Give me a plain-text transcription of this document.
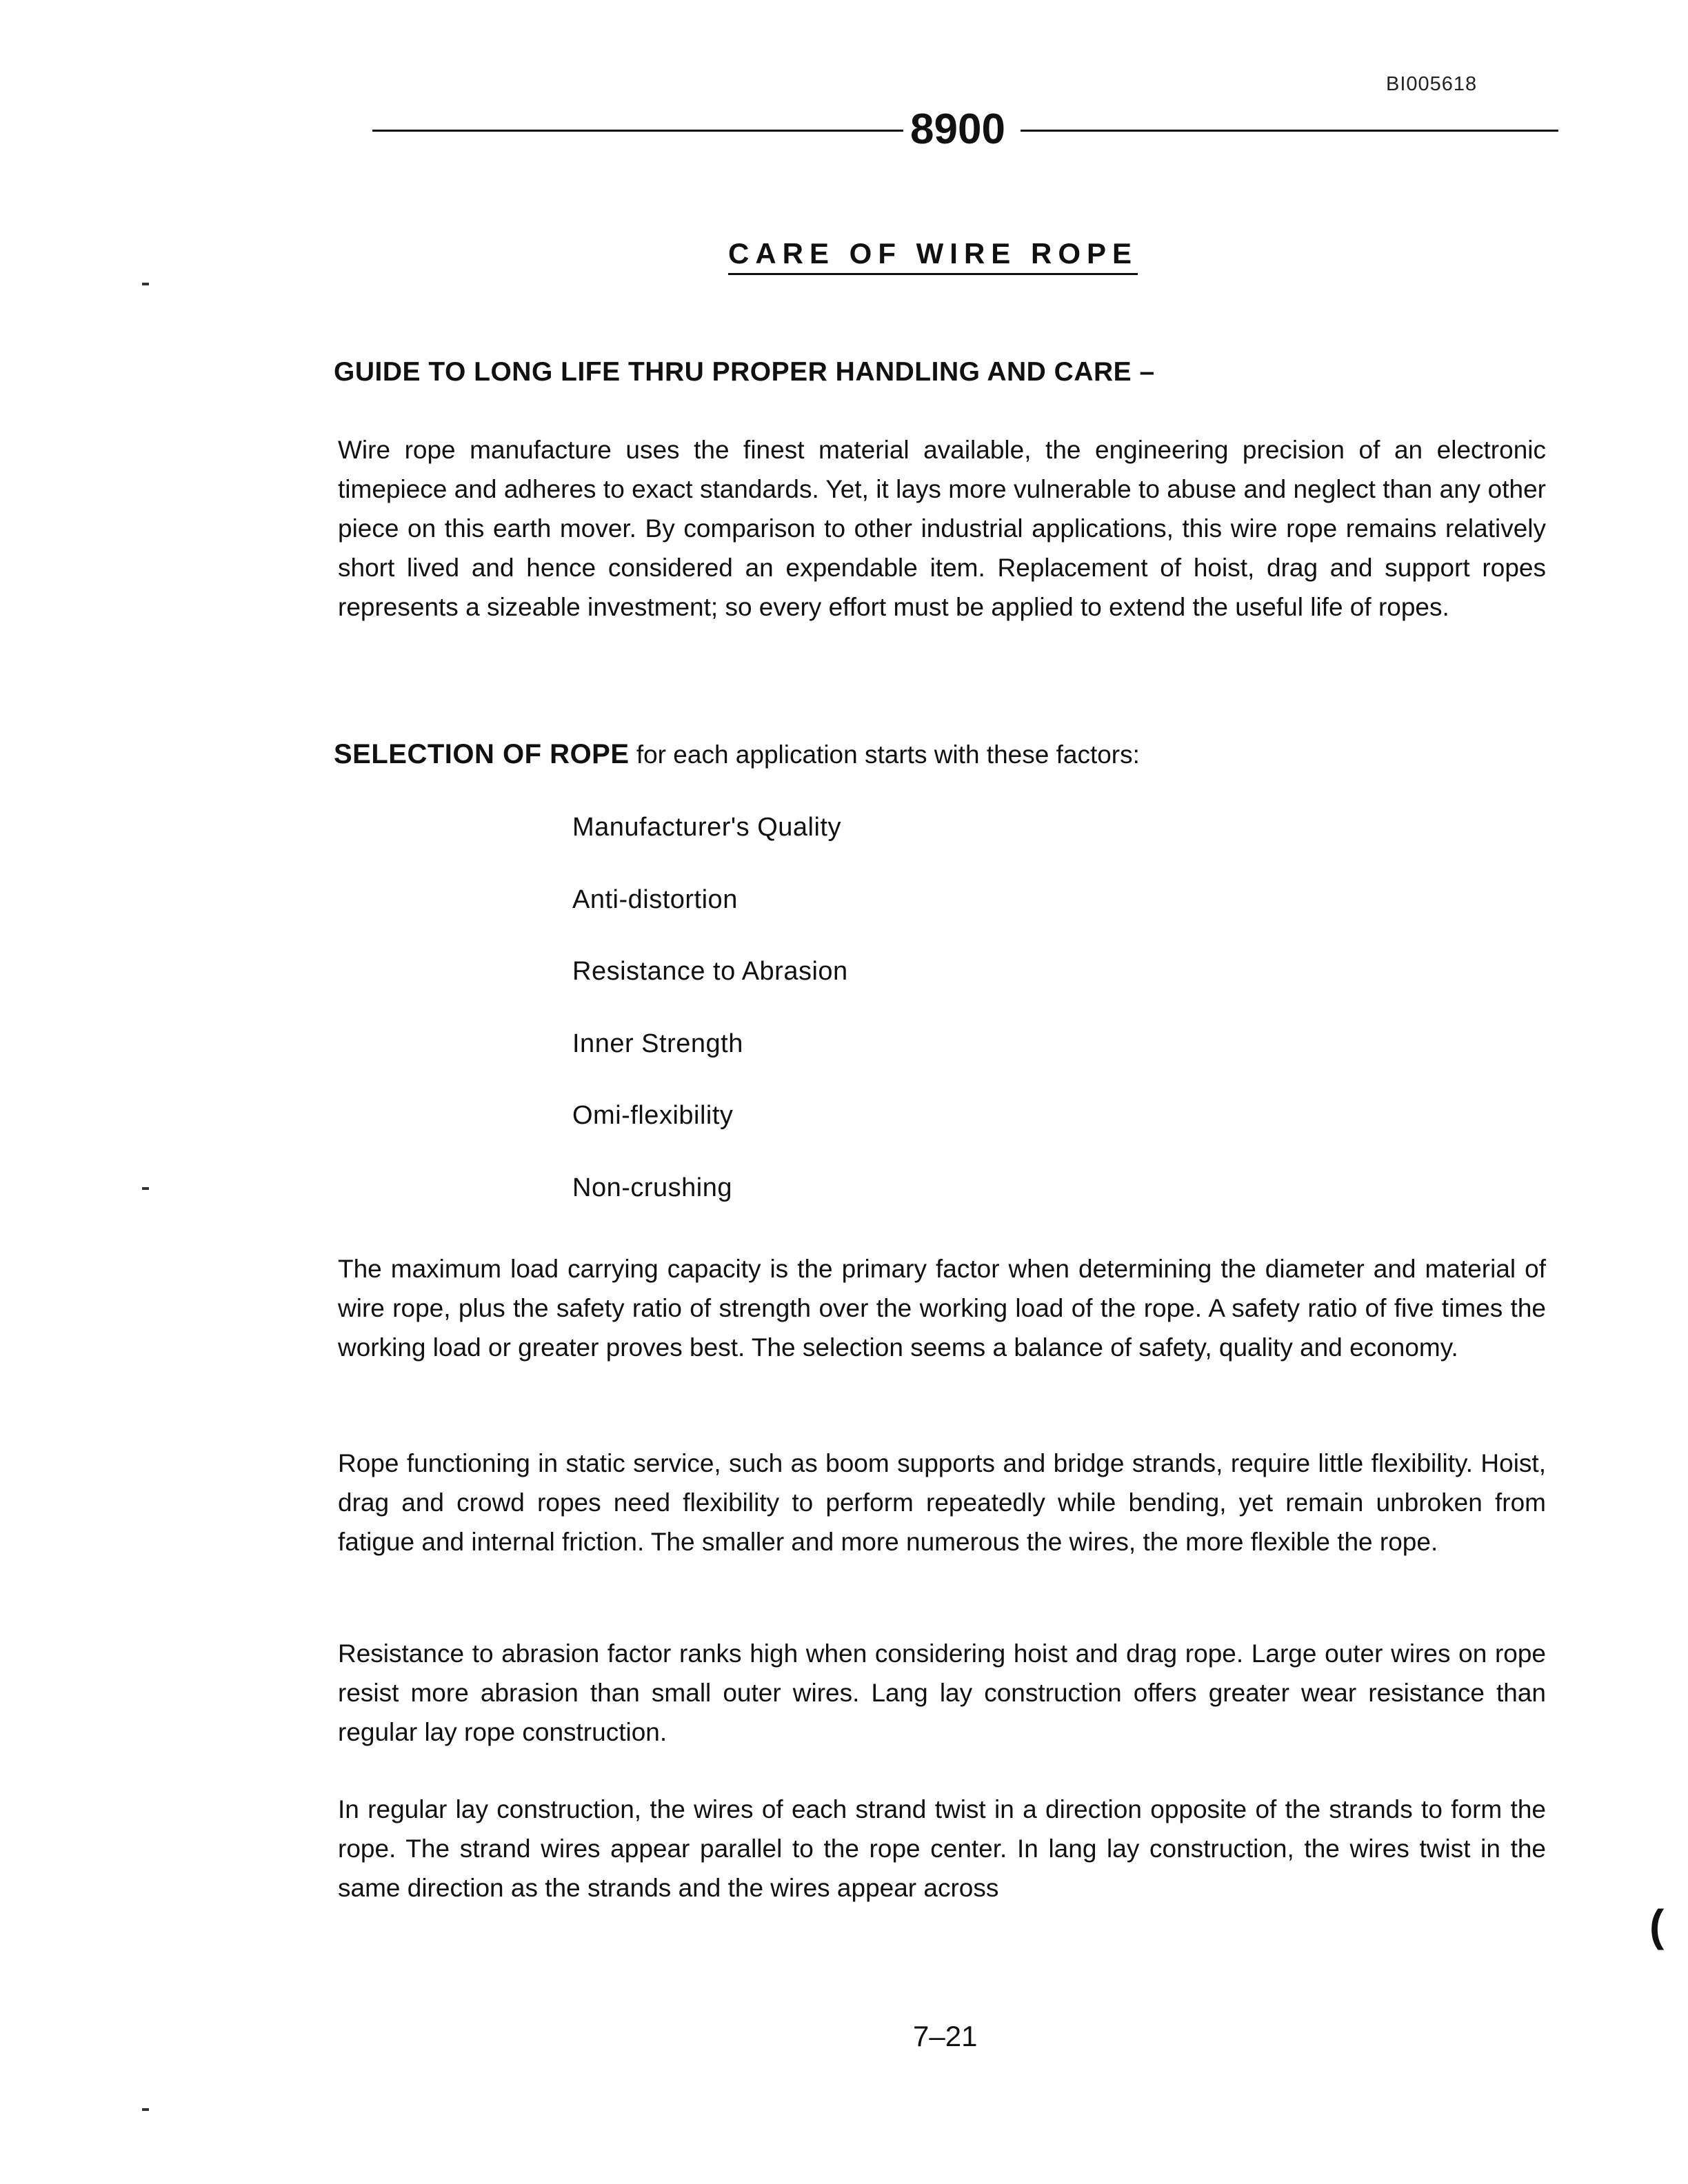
BI005618
8900
CARE OF WIRE ROPE
GUIDE TO LONG LIFE THRU PROPER HANDLING AND CARE –

Wire rope manufacture uses the finest material available, the engineering precision of an electronic timepiece and adheres to exact standards. Yet, it lays more vulnerable to abuse and neglect than any other piece on this earth mover. By comparison to other industrial applications, this wire rope remains relatively short lived and hence considered an expendable item. Replacement of hoist, drag and support ropes represents a sizeable investment; so every effort must be applied to extend the useful life of ropes.

SELECTION OF ROPE for each application starts with these factors:
Manufacturer's Quality
Anti-distortion
Resistance to Abrasion
Inner Strength
Omi-flexibility
Non-crushing

The maximum load carrying capacity is the primary factor when determining the diameter and material of wire rope, plus the safety ratio of strength over the working load of the rope. A safety ratio of five times the working load or greater proves best. The selection seems a balance of safety, quality and economy.

Rope functioning in static service, such as boom supports and bridge strands, require little flexibility. Hoist, drag and crowd ropes need flexibility to perform repeatedly while bending, yet remain unbroken from fatigue and internal friction. The smaller and more numerous the wires, the more flexible the rope.

Resistance to abrasion factor ranks high when considering hoist and drag rope. Large outer wires on rope resist more abrasion than small outer wires. Lang lay construction offers greater wear resistance than regular lay rope construction.

In regular lay construction, the wires of each strand twist in a direction opposite of the strands to form the rope. The strand wires appear parallel to the rope center. In lang lay construction, the wires twist in the same direction as the strands and the wires appear across

7–21
(
